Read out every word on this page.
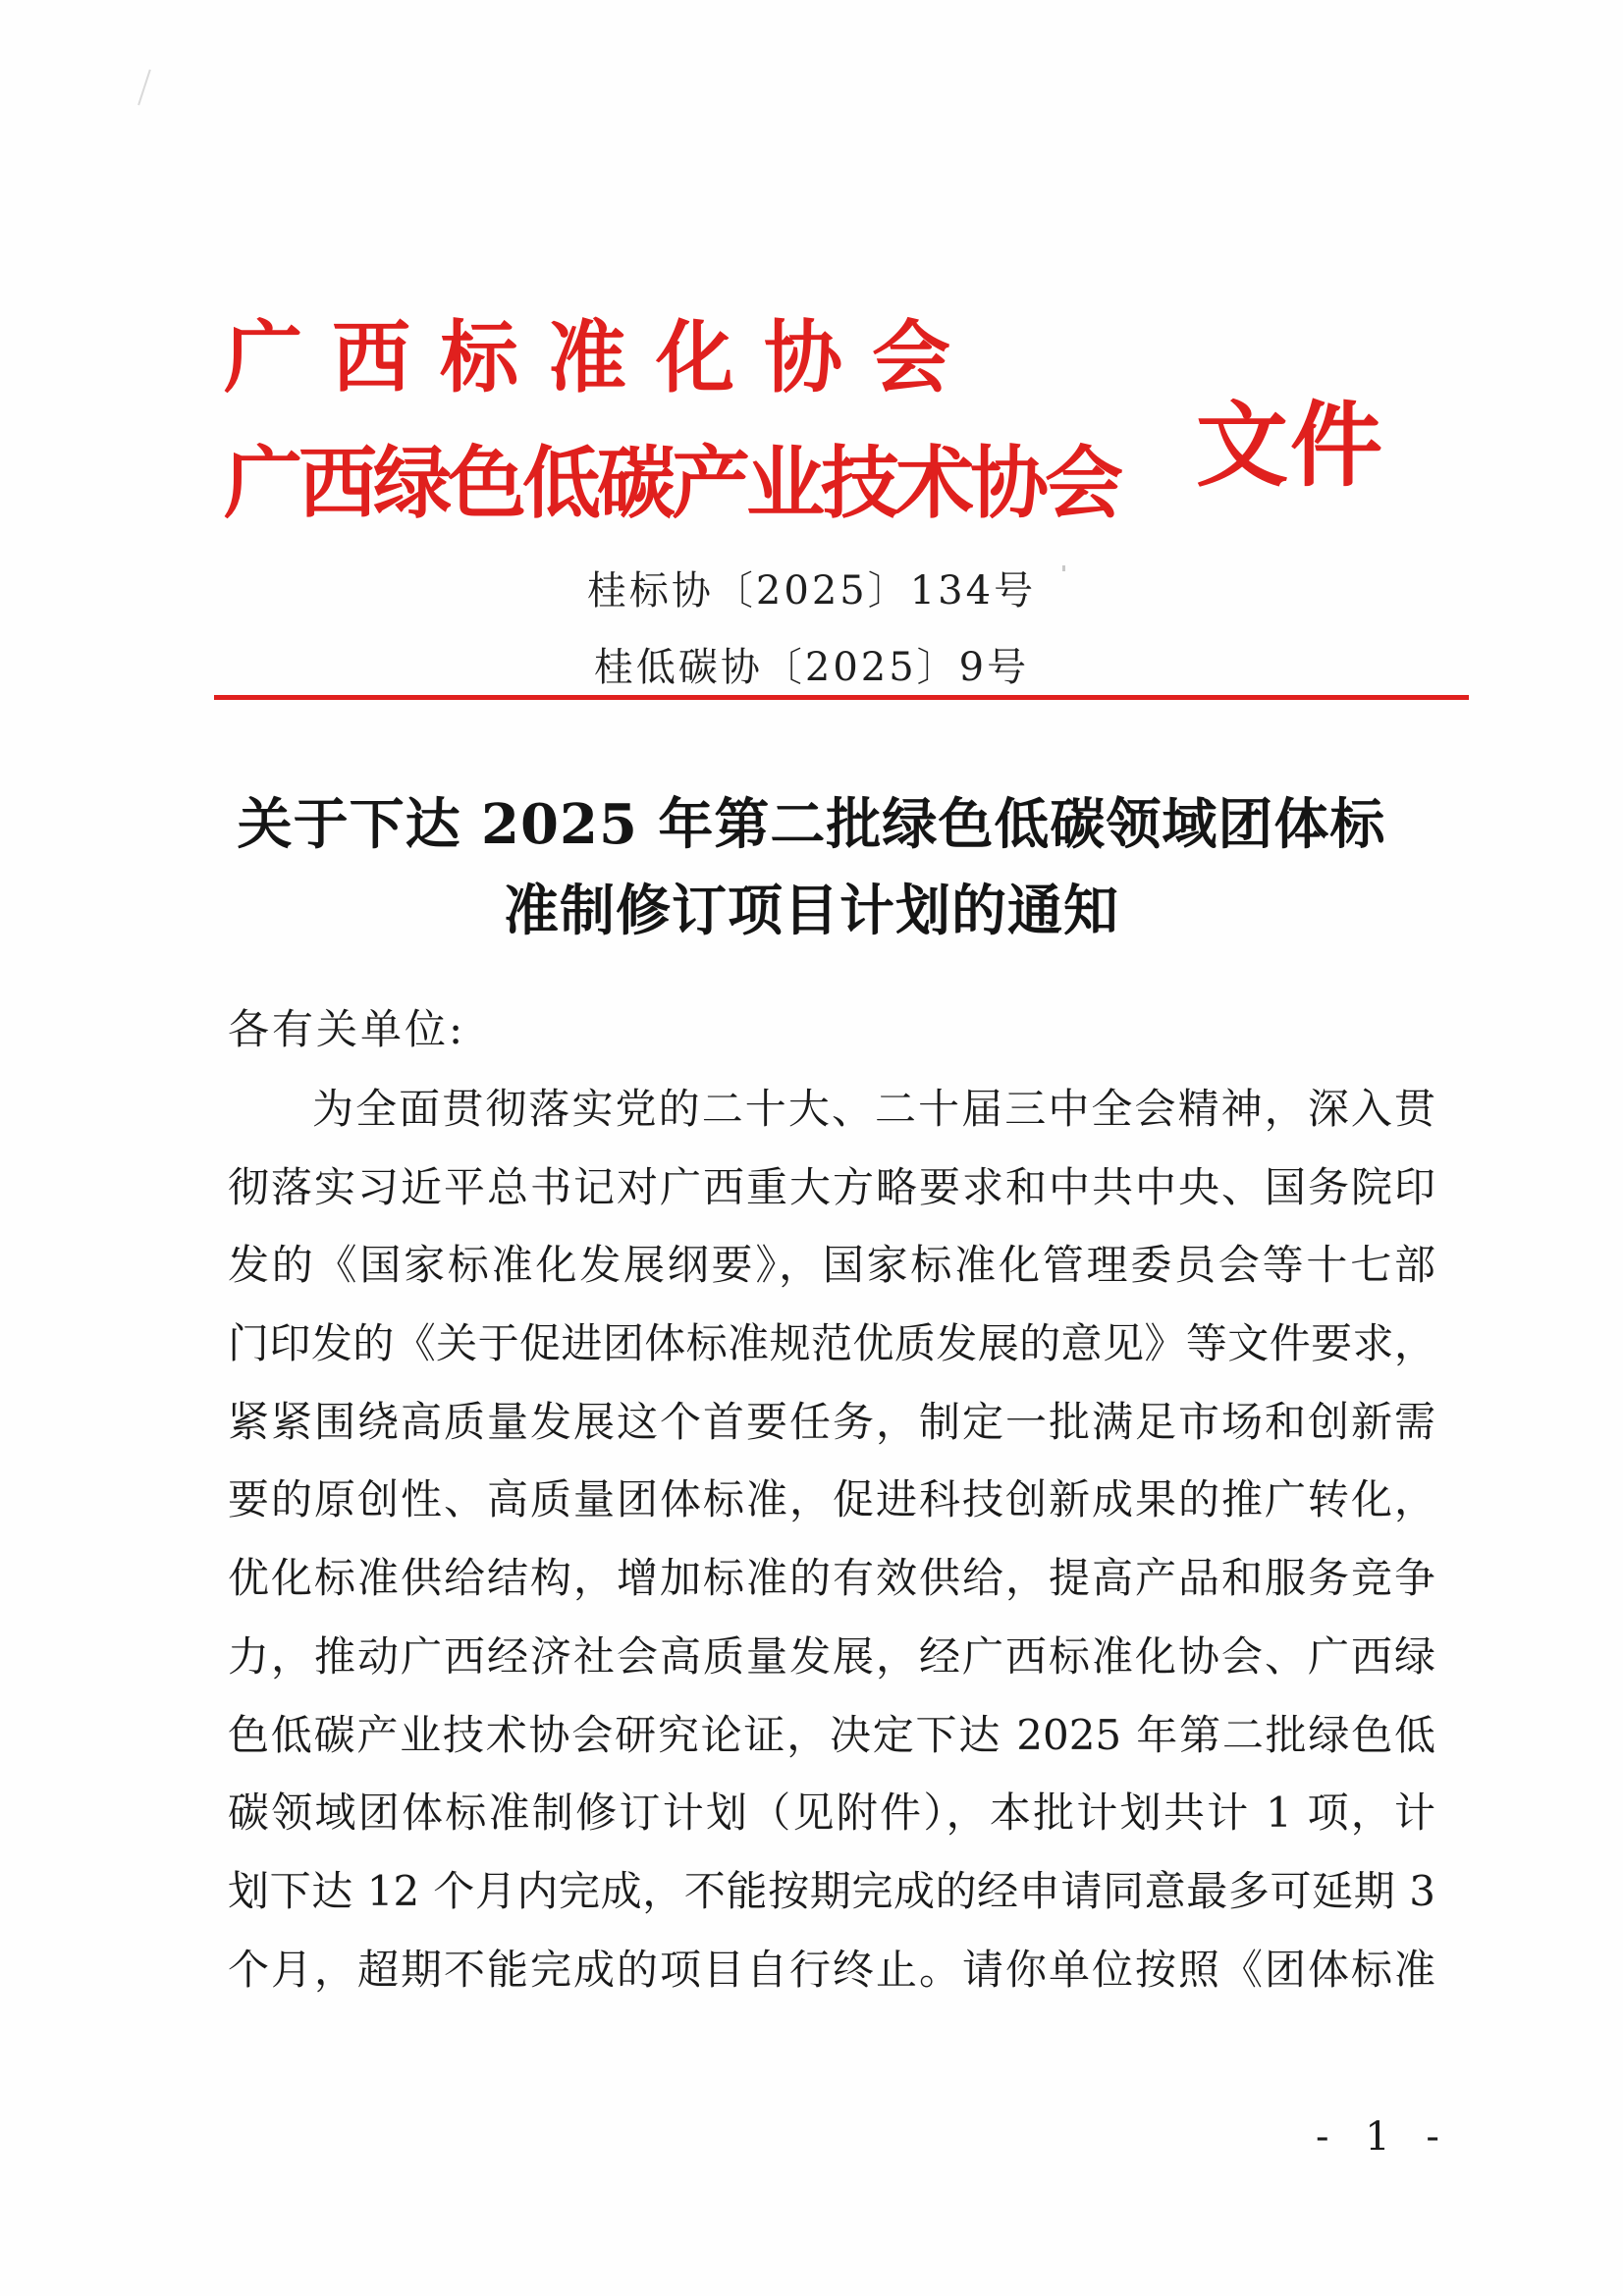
广西标准化协会
广西绿色低碳产业技术协会 文件
桂标协〔2025〕134号
桂低碳协〔2025〕9号
关于下达 2025 年第二批绿色低碳领域团体标
准制修订项目计划的通知
各有关单位:
为全面贯彻落实党的二十大、二十届三中全会精神，深入贯
彻落实习近平总书记对广西重大方略要求和中共中央、国务院印
发的《国家标准化发展纲要》，国家标准化管理委员会等十七部
门印发的《关于促进团体标准规范优质发展的意见》等文件要求，
紧紧围绕高质量发展这个首要任务，制定一批满足市场和创新需
要的原创性、高质量团体标准，促进科技创新成果的推广转化，
优化标准供给结构，增加标准的有效供给，提高产品和服务竞争
力，推动广西经济社会高质量发展，经广西标准化协会、广西绿
色低碳产业技术协会研究论证，决定下达 2025 年第二批绿色低
碳领域团体标准制修订计划（见附件），本批计划共计 1 项，计
划下达 12 个月内完成，不能按期完成的经申请同意最多可延期 3
个月，超期不能完成的项目自行终止。请你单位按照《团体标准
- 1 -
